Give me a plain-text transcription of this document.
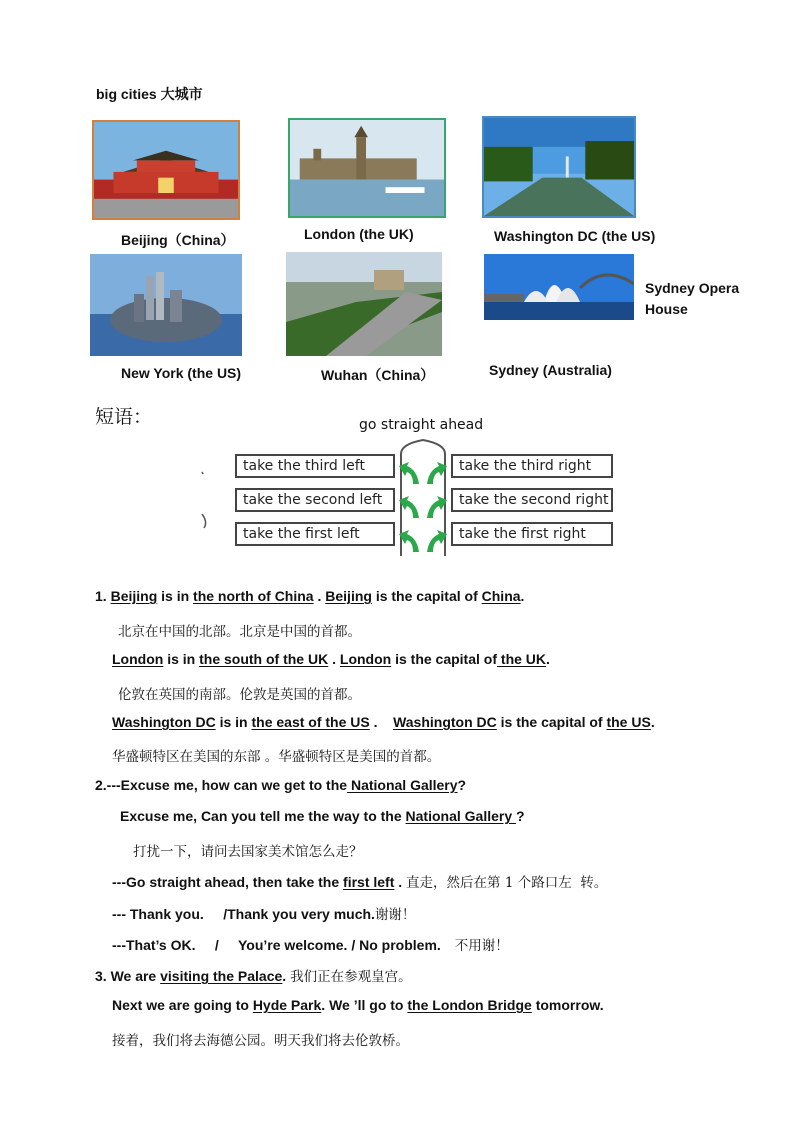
big cities 大城市
Beijing（China）	London (the UK)	Washington DC (the US)
Sydney Opera
House
New York (the US)	Wuhan（China）	Sydney (Australia)
短语：	go straight ahead
take the third left
take the second left
take the first left
take the third right
take the second right
take the first right
1. Beijing is in the north of China . Beijing is the capital of China.
北京在中国的北部。北京是中国的首都。
London is in the south of the UK . London is the capital of the UK.
伦敦在英国的南部。伦敦是英国的首都。
Washington DC is in the east of the US .    Washington DC is the capital of the US.
华盛顿特区在美国的东部 。华盛顿特区是美国的首都。
2.---Excuse me, how can we get to the National Gallery?
Excuse me, Can you tell me the way to the National Gallery ?
打扰一下，请问去国家美术馆怎么走？
---Go straight ahead, then take the first left . 直走，然后在第 1 个路口左  转。
--- Thank you.     /Thank you very much.谢谢！
---That’s OK.     /     You’re welcome. / No problem. 不用谢！
3. We are visiting the Palace. 我们正在参观皇宫。
Next we are going to Hyde Park. We ’ll go to the London Bridge tomorrow.
接着，我们将去海德公园。明天我们将去伦敦桥。
